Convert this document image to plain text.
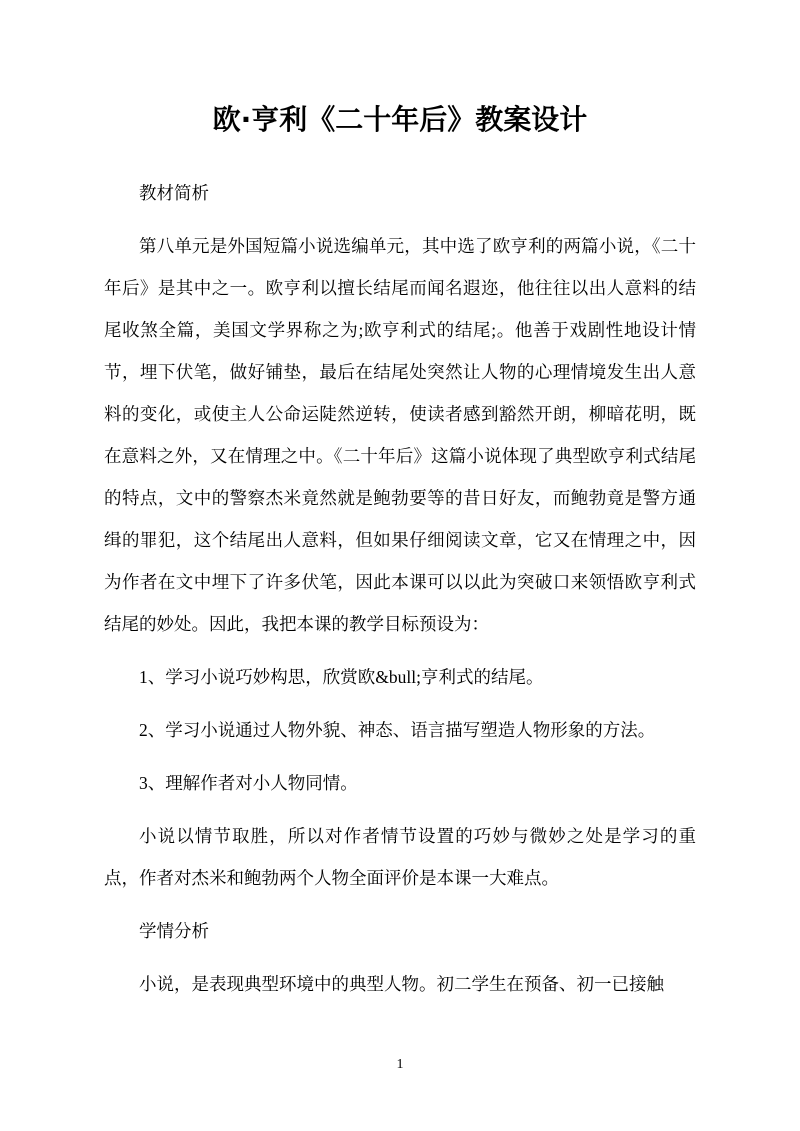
欧·亨利《二十年后》教案设计

教材简析

第八单元是外国短篇小说选编单元，其中选了欧亨利的两篇小说，《二十年后》是其中之一。欧亨利以擅长结尾而闻名遐迩，他往往以出人意料的结尾收煞全篇，美国文学界称之为;欧亨利式的结尾;。他善于戏剧性地设计情节，埋下伏笔，做好铺垫，最后在结尾处突然让人物的心理情境发生出人意料的变化，或使主人公命运陡然逆转，使读者感到豁然开朗，柳暗花明，既在意料之外，又在情理之中。《二十年后》这篇小说体现了典型欧亨利式结尾的特点，文中的警察杰米竟然就是鲍勃要等的昔日好友，而鲍勃竟是警方通缉的罪犯，这个结尾出人意料，但如果仔细阅读文章，它又在情理之中，因为作者在文中埋下了许多伏笔，因此本课可以以此为突破口来领悟欧亨利式结尾的妙处。因此，我把本课的教学目标预设为：

1、学习小说巧妙构思，欣赏欧&bull;亨利式的结尾。

2、学习小说通过人物外貌、神态、语言描写塑造人物形象的方法。

3、理解作者对小人物同情。

小说以情节取胜，所以对作者情节设置的巧妙与微妙之处是学习的重点，作者对杰米和鲍勃两个人物全面评价是本课一大难点。

学情分析

小说，是表现典型环境中的典型人物。初二学生在预备、初一已接触

1
